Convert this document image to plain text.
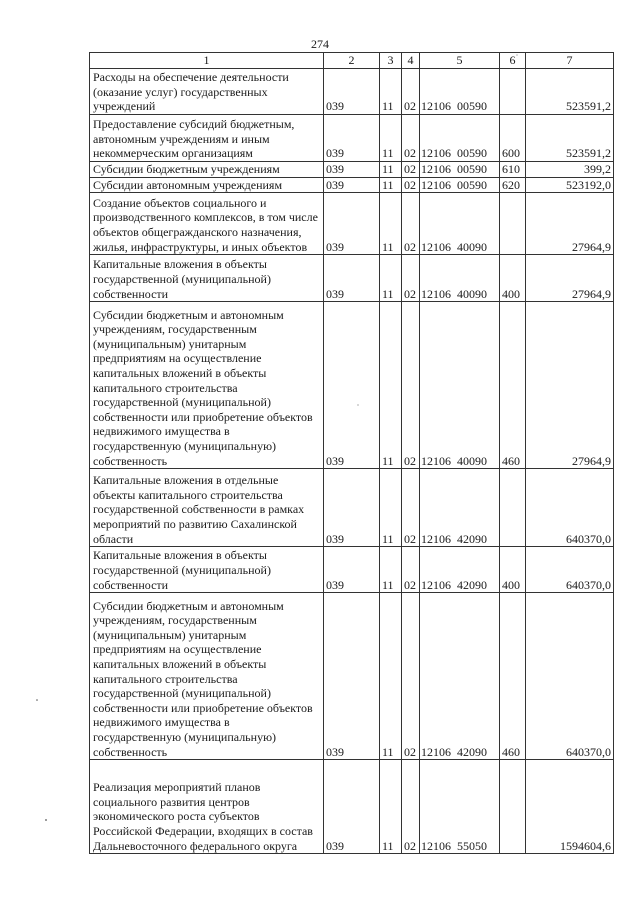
274
1	2	3	4	5	6	7
Расходы на обеспечение деятельности (оказание услуг) государственных учреждений	039	11	02	12106 00590		523591,2
Предоставление субсидий бюджетным, автономным учреждениям и иным некоммерческим организациям	039	11	02	12106 00590	600	523591,2
Субсидии бюджетным учреждениям	039	11	02	12106 00590	610	399,2
Субсидии автономным учреждениям	039	11	02	12106 00590	620	523192,0
Создание объектов социального и производственного комплексов, в том числе объектов общегражданского назначения, жилья, инфраструктуры, и иных объектов	039	11	02	12106 40090		27964,9
Капитальные вложения в объекты государственной (муниципальной) собственности	039	11	02	12106 40090	400	27964,9
Субсидии бюджетным и автономным учреждениям, государственным (муниципальным) унитарным предприятиям на осуществление капитальных вложений в объекты капитального строительства государственной (муниципальной) собственности или приобретение объектов недвижимого имущества в государственную (муниципальную) собственность	039	11	02	12106 40090	460	27964,9
Капитальные вложения в отдельные объекты капитального строительства государственной собственности в рамках мероприятий по развитию Сахалинской области	039	11	02	12106 42090		640370,0
Капитальные вложения в объекты государственной (муниципальной) собственности	039	11	02	12106 42090	400	640370,0
Субсидии бюджетным и автономным учреждениям, государственным (муниципальным) унитарным предприятиям на осуществление капитальных вложений в объекты капитального строительства государственной (муниципальной) собственности или приобретение объектов недвижимого имущества в государственную (муниципальную) собственность	039	11	02	12106 42090	460	640370,0
Реализация мероприятий планов социального развития центров экономического роста субъектов Российской Федерации, входящих в состав Дальневосточного федерального округа	039	11	02	12106 55050		1594604,6
